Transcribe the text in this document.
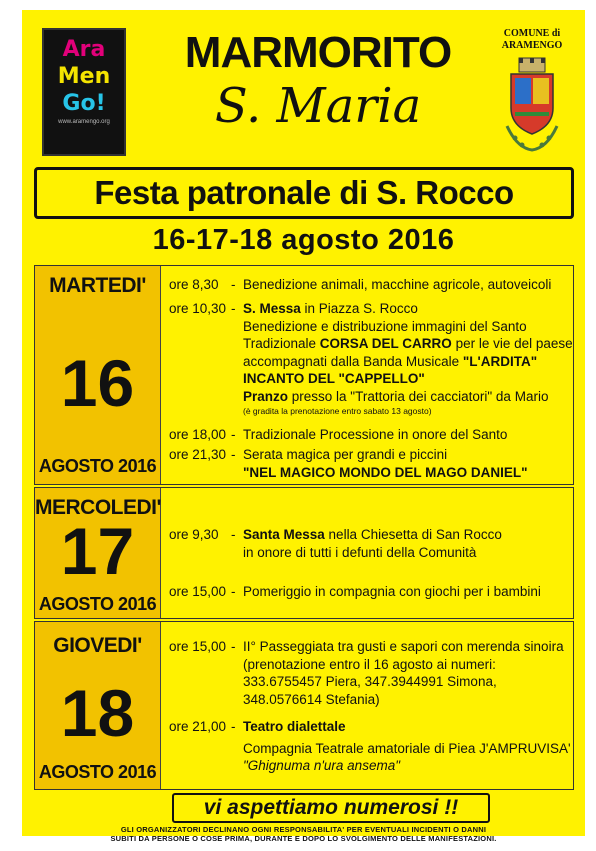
Ara
Men
Go!
www.aramengo.org
MARMORITO
S. Maria
COMUNE di
ARAMENGO
Festa patronale di S. Rocco
16-17-18 agosto 2016
MARTEDI'
16
AGOSTO 2016
ore 8,30 - Benedizione animali, macchine agricole, autoveicoli
ore 10,30 - S. Messa in Piazza S. Rocco
Benedizione e distribuzione immagini del Santo
Tradizionale CORSA DEL CARRO per le vie del paese
accompagnati dalla Banda Musicale "L'ARDITA"
INCANTO DEL "CAPPELLO"
Pranzo presso la "Trattoria dei cacciatori" da Mario
(è gradita la prenotazione entro sabato 13 agosto)
ore 18,00 - Tradizionale Processione in onore del Santo
ore 21,30 - Serata magica per grandi e piccini
"NEL MAGICO MONDO DEL MAGO DANIEL"
MERCOLEDI'
17
AGOSTO 2016
ore 9,30 - Santa Messa nella Chiesetta di San Rocco
in onore di tutti i defunti della Comunità
ore 15,00 - Pomeriggio in compagnia con giochi per i bambini
GIOVEDI'
18
AGOSTO 2016
ore 15,00 - II° Passeggiata tra gusti e sapori con merenda sinoira
(prenotazione entro il 16 agosto ai numeri:
333.6755457 Piera, 347.3944991 Simona,
348.0576614 Stefania)
ore 21,00 - Teatro dialettale
Compagnia Teatrale amatoriale di Piea J'AMPRUVISA'
"Ghignuma n'ura ansema"
vi aspettiamo numerosi !!
GLI ORGANIZZATORI DECLINANO OGNI RESPONSABILITA' PER EVENTUALI INCIDENTI O DANNI
SUBITI DA PERSONE O COSE PRIMA, DURANTE E DOPO LO SVOLGIMENTO DELLE MANIFESTAZIONI.
